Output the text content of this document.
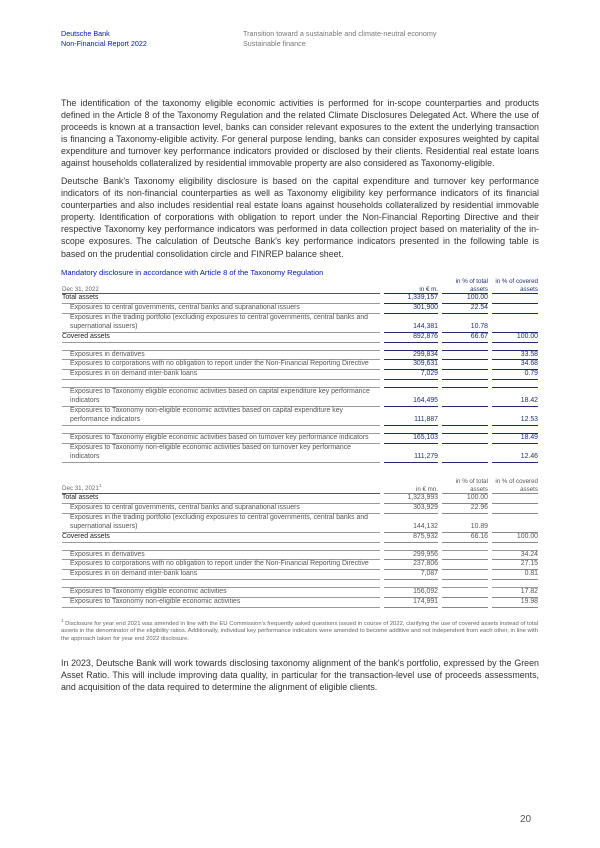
Deutsche Bank
Non-Financial Report 2022
Transition toward a sustainable and climate-neutral economy
Sustainable finance

The identification of the taxonomy eligible economic activities is performed for in-scope counterparties and products defined in the Article 8 of the Taxonomy Regulation and the related Climate Disclosures Delegated Act. Where the use of proceeds is known at a transaction level, banks can consider relevant exposures to the extent the underlying transaction is financing a Taxonomy-eligible activity. For general purpose lending, banks can consider exposures weighted by capital expenditure and turnover key performance indicators provided or disclosed by their clients. Residential real estate loans against households collateralized by residential immovable property are also considered as Taxonomy-eligible.

Deutsche Bank's Taxonomy eligibility disclosure is based on the capital expenditure and turnover key performance indicators of its non-financial counterparties as well as Taxonomy eligibility key performance indicators of its financial counterparties and also includes residential real estate loans against households collateralized by residential immovable property. Identification of corporations with obligation to report under the Non-Financial Reporting Directive and their respective Taxonomy key performance indicators was performed in data collection project based on materiality of the in-scope exposures. The calculation of Deutsche Bank's key performance indicators presented in the following table is based on the prudential consolidation circle and FINREP balance sheet.

Mandatory disclosure in accordance with Article 8 of the Taxonomy Regulation
Dec 31, 2022	in € m.	in % of total assets	in % of covered assets
Total assets	1,339,157	100.00	
Exposures to central governments, central banks and supranational issuers	301,900	22.54	
Exposures in the trading portfolio (excluding exposures to central governments, central banks and supernational issuers)	144,381	10.78	
Covered assets	892,876	66.67	100.00

Exposures in derivatives	299,834		33.58
Exposures to corporations with no obligation to report under the Non-Financial Reporting Directive	309,631		34.68
Exposures in on demand inter-bank loans	7,029		0.79

Exposures to Taxonomy eligible economic activities based on capital expenditure key performance indicators	164,495		18.42
Exposures to Taxonomy non-eligible economic activities based on capital expenditure key performance indicators	111,887		12.53

Exposures to Taxonomy eligible economic activities based on turnover key performance indicators	165,103		18.49
Exposures to Taxonomy non-eligible economic activities based on turnover key performance indicators	111,279		12.46
Dec 31, 2021$^1$	in € mn.	in % of total assets	in % of covered assets
Total assets	1,323,993	100.00	
Exposures to central governments, central banks and supranational issuers	303,929	22.96	
Exposures in the trading portfolio (excluding exposures to central governments, central banks and supernational issuers)	144,132	10.89	
Covered assets	875,932	66.16	100.00

Exposures in derivatives	299,956		34.24
Exposures to corporations with no obligation to report under the Non-Financial Reporting Directive	237,806		27.15
Exposures in on demand inter-bank loans	7,087		0.81

Exposures to Taxonomy eligible economic activities	156,092		17.82
Exposures to Taxonomy non-eligible economic activities	174,991		19.98
$^1$ Disclosure for year end 2021 was amended in line with the EU Commission's frequently asked questions issued in course of 2022, clarifying the use of covered assets instead of total assets in the denominator of the eligibility ratios. Additionally, individual key performance indicators were amended to become additive and not independent from each other, in line with the approach taken for year end 2022 disclosure.

In 2023, Deutsche Bank will work towards disclosing taxonomy alignment of the bank's portfolio, expressed by the Green Asset Ratio. This will include improving data quality, in particular for the transaction-level use of proceeds assessments, and acquisition of the data required to determine the alignment of eligible clients.

20
